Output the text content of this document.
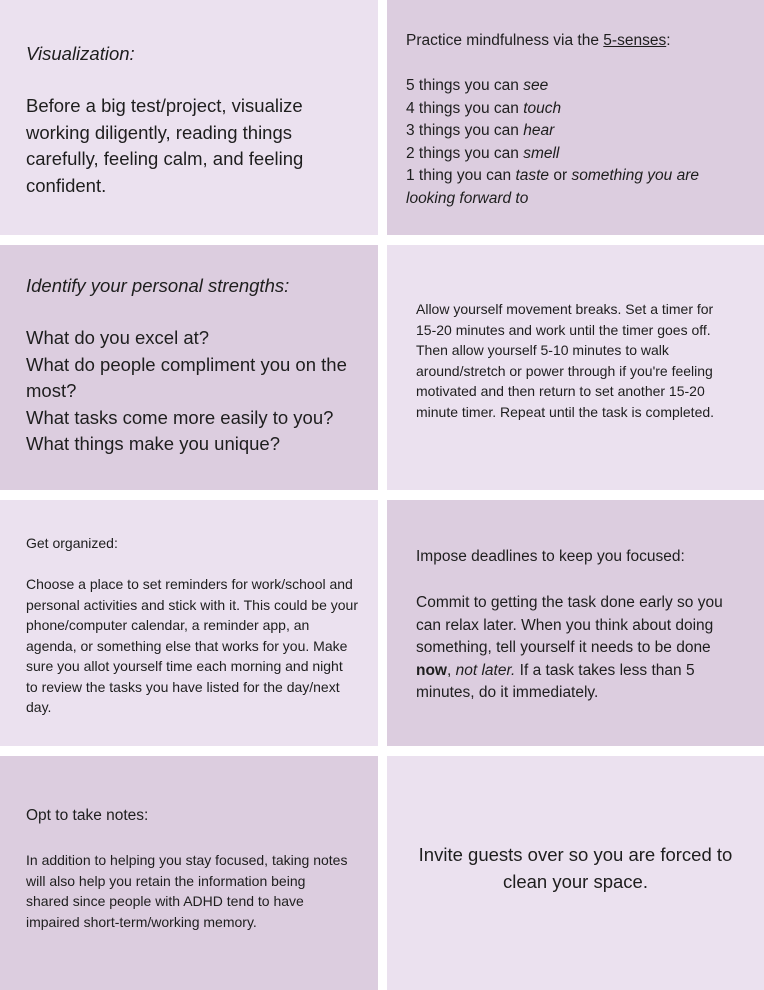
Visualization:

Before a big test/project, visualize working diligently, reading things carefully, feeling calm, and feeling confident.

Practice mindfulness via the 5-senses:

5 things you can see

4 things you can touch

3 things you can hear

2 things you can smell

1 thing you can taste or something you are looking forward to

Identify your personal strengths:

What do you excel at?

What do people compliment you on the most?

What tasks come more easily to you?

What things make you unique?

Allow yourself movement breaks. Set a timer for 15-20 minutes and work until the timer goes off. Then allow yourself 5-10 minutes to walk around/stretch or power through if you're feeling motivated and then return to set another 15-20 minute timer. Repeat until the task is completed.

Get organized:

Choose a place to set reminders for work/school and personal activities and stick with it. This could be your phone/computer calendar, a reminder app, an agenda, or something else that works for you. Make sure you allot yourself time each morning and night to review the tasks you have listed for the day/next day.

Impose deadlines to keep you focused:

Commit to getting the task done early so you can relax later. When you think about doing something, tell yourself it needs to be done now, not later. If a task takes less than 5 minutes, do it immediately.

Opt to take notes:

In addition to helping you stay focused, taking notes will also help you retain the information being shared since people with ADHD tend to have impaired short-term/working memory.

Invite guests over so you are forced to clean your space.
